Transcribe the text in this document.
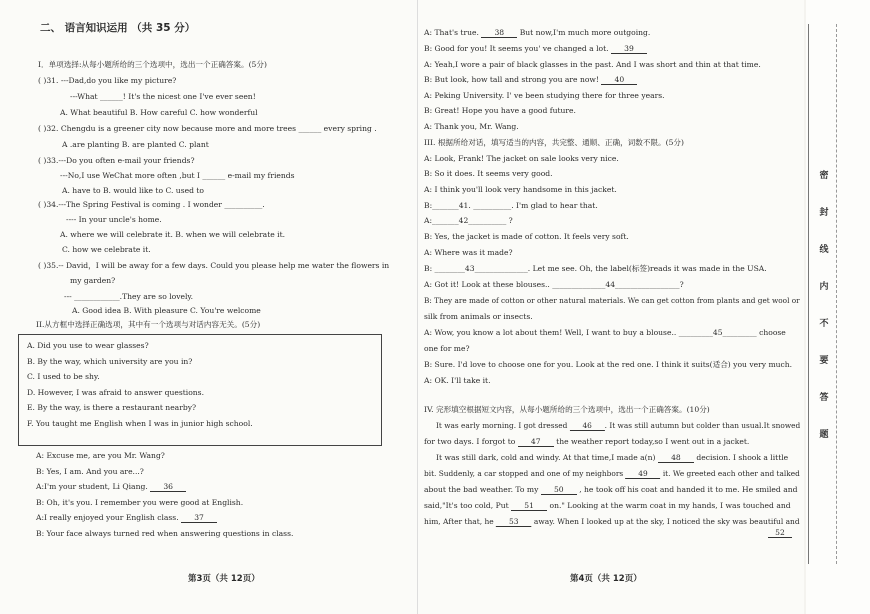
二、 语言知识运用 （共 35 分）
I．单项选择:从每小题所给的三个选项中，选出一个正确答案。(5分)
( )31. ---Dad,do you like my picture?
---What ______! It's the nicest one I've ever seen!
A. What beautiful B. How careful C. how wonderful
( )32. Chengdu is a greener city now because more and more trees ______ every spring .
A .are planting B. are planted C. plant
( )33.---Do you often e-mail your friends?
---No,I use WeChat more often ,but I ______ e-mail my friends
A. have to B. would like to C. used to
( )34.---The Spring Festival is coming . I wonder __________.
---- In your uncle's home.
A. where we will celebrate it. B. when we will celebrate it.
C. how we celebrate it.
( )35.-- David，I will be away for a few days. Could you please help me water the flowers in
my garden?
--- ____________.They are so lovely.
A. Good idea B. With pleasure C. You're welcome
II.从方框中选择正确选项，其中有一个选项与对话内容无关。(5分)
A. Did you use to wear glasses?
B. By the way, which university are you in?
C. I used to be shy.
D. However, I was afraid to answer questions.
E. By the way, is there a restaurant nearby?
F. You taught me English when I was in junior high school.
A: Excuse me, are you Mr. Wang?
B: Yes, I am. And you are...?
A:I'm your student, Li Qiang. 36
B: Oh, it's you. I remember you were good at English.
A:I really enjoyed your English class. 37
B: Your face always turned red when answering questions in class.
第3页（共 12页）
A: That's true. 38 But now,I'm much more outgoing.
B: Good for you! It seems you' ve changed a lot. 39
A: Yeah,I wore a pair of black glasses in the past. And I was short and thin at that time.
B: But look, how tall and strong you are now! 40
A: Peking University. I' ve been studying there for three years.
B: Great! Hope you have a good future.
A: Thank you, Mr. Wang.
III. 根据所给对话，填写适当的内容，共完整、通顺、正确，词数不限。(5分)
A: Look, Frank! The jacket on sale looks very nice.
B: So it does. It seems very good.
A: I think you'll look very handsome in this jacket.
B:_______41. __________. I'm glad to hear that.
A:_______42__________ ?
B: Yes, the jacket is made of cotton. It feels very soft.
A: Where was it made?
B: ________43______________. Let me see. Oh, the label(标签)reads it was made in the USA.
A: Got it! Look at these blouses.. ______________44_________________?
B: They are made of cotton or other natural materials. We can get cotton from plants and get wool or
silk from animals or insects.
A: Wow, you know a lot about them! Well, I want to buy a blouse.. _________45_________ choose
one for me?
B: Sure. I'd love to choose one for you. Look at the red one. I think it suits(适合) you very much.
A: OK. I'll take it.
IV. 完形填空根据短文内容，从每小题所给的三个选项中，选出一个正确答案。(10分)
It was early morning. I got dressed 46 . It was still autumn but colder than usual.It snowed
for two days. I forgot to 47 the weather report today,so I went out in a jacket.
It was still dark, cold and windy. At that time,I made a(n) 48 decision. I shook a little
bit. Suddenly, a car stopped and one of my neighbors 49 it. We greeted each other and talked
about the bad weather. To my 50 , he took off his coat and handed it to me. He smiled and
said,"It's too cold, Put 51 on." Looking at the warm coat in my hands, I was touched and
him, After that, he 53 away. When I looked up at the sky, I noticed the sky was beautiful and
52
第4页（共 12页）
密
封
线
内
不
要
答
题
